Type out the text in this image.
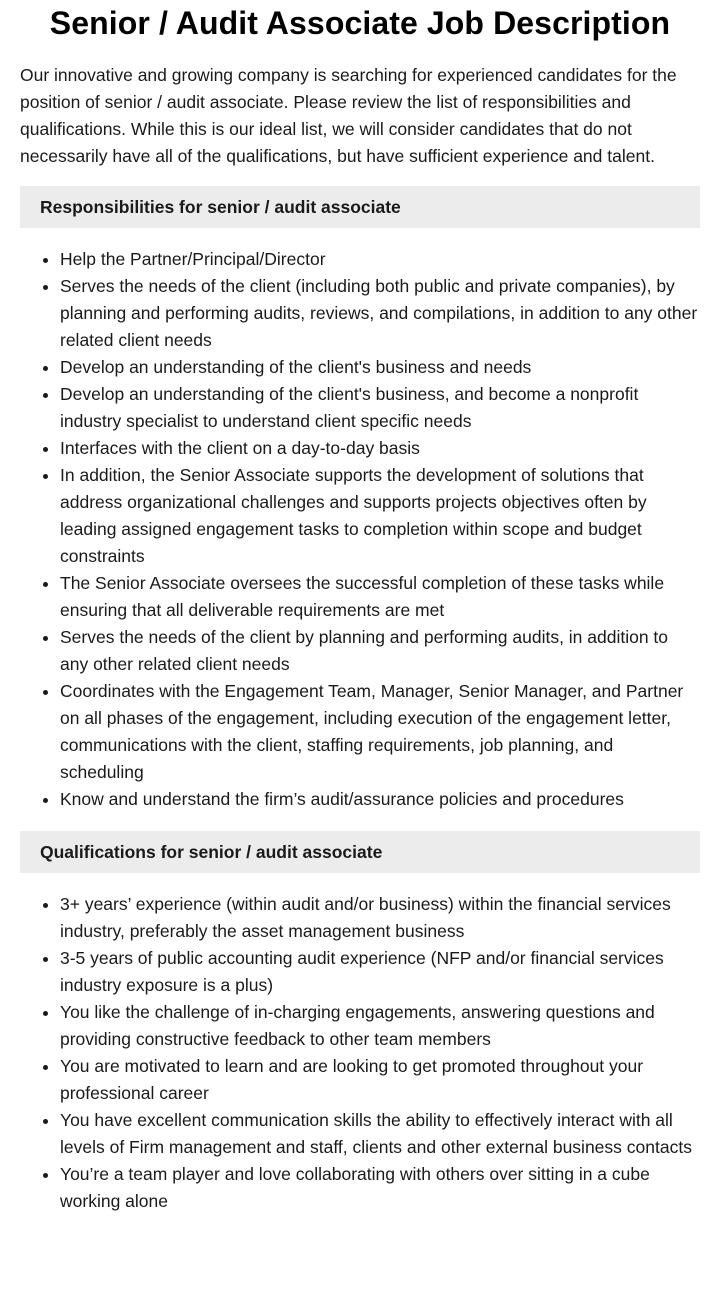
Senior / Audit Associate Job Description

Our innovative and growing company is searching for experienced candidates for the position of senior / audit associate. Please review the list of responsibilities and qualifications. While this is our ideal list, we will consider candidates that do not necessarily have all of the qualifications, but have sufficient experience and talent.

Responsibilities for senior / audit associate
Help the Partner/Principal/Director
Serves the needs of the client (including both public and private companies), by planning and performing audits, reviews, and compilations, in addition to any other related client needs
Develop an understanding of the client's business and needs
Develop an understanding of the client's business, and become a nonprofit industry specialist to understand client specific needs
Interfaces with the client on a day-to-day basis
In addition, the Senior Associate supports the development of solutions that address organizational challenges and supports projects objectives often by leading assigned engagement tasks to completion within scope and budget constraints
The Senior Associate oversees the successful completion of these tasks while ensuring that all deliverable requirements are met
Serves the needs of the client by planning and performing audits, in addition to any other related client needs
Coordinates with the Engagement Team, Manager, Senior Manager, and Partner on all phases of the engagement, including execution of the engagement letter, communications with the client, staffing requirements, job planning, and scheduling
Know and understand the firm’s audit/assurance policies and procedures
Qualifications for senior / audit associate
3+ years’ experience (within audit and/or business) within the financial services industry, preferably the asset management business
3-5 years of public accounting audit experience (NFP and/or financial services industry exposure is a plus)
You like the challenge of in-charging engagements, answering questions and providing constructive feedback to other team members
You are motivated to learn and are looking to get promoted throughout your professional career
You have excellent communication skills the ability to effectively interact with all levels of Firm management and staff, clients and other external business contacts
You’re a team player and love collaborating with others over sitting in a cube working alone
